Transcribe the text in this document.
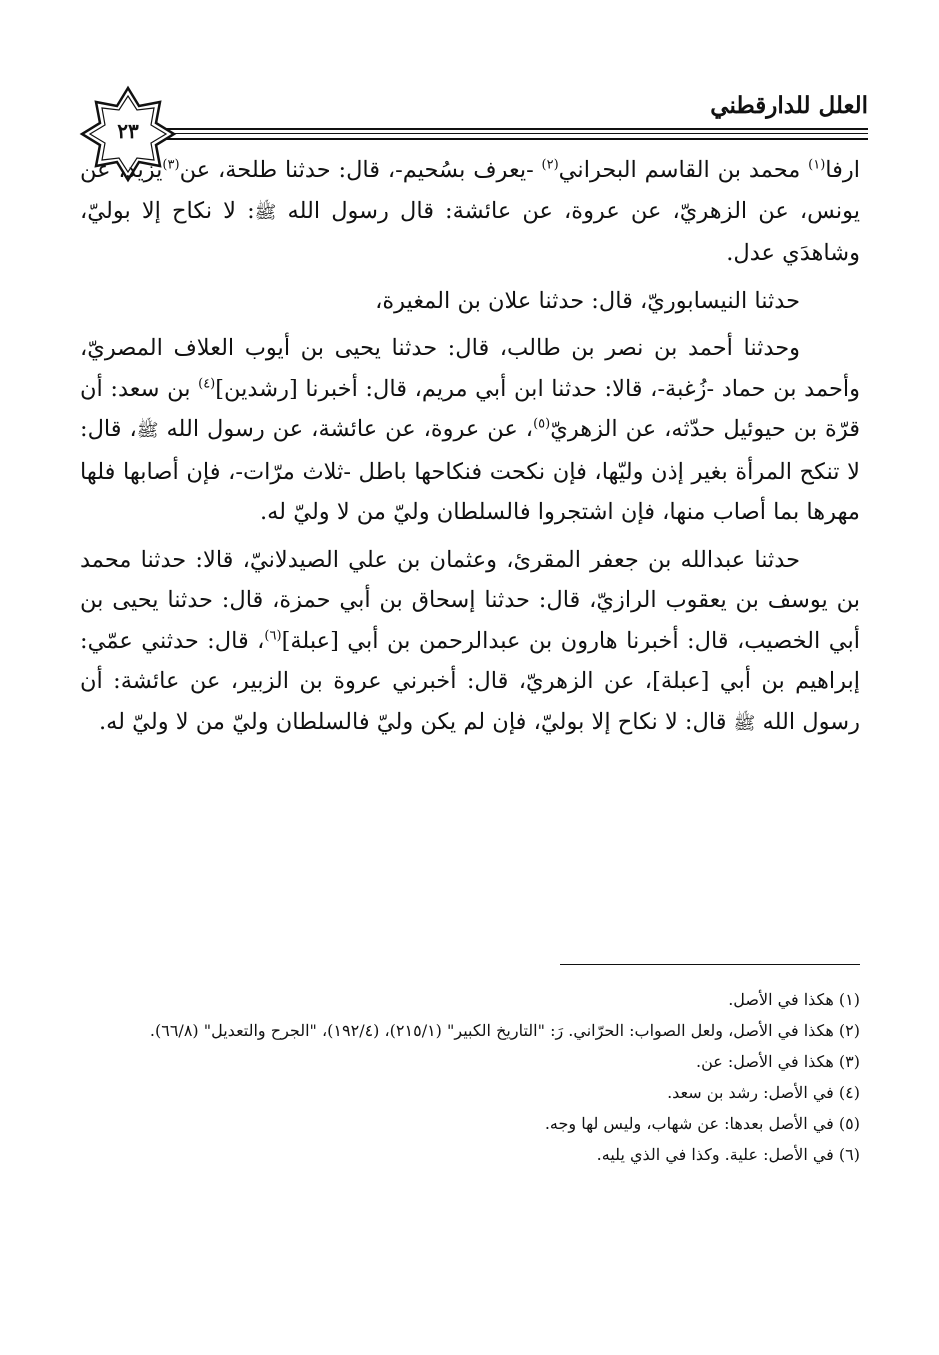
العلل للدارقطني
٢٣

ارفا$^{(١)}$ محمد بن القاسم البحراني$^{(٢)}$ -يعرف بسُحيم-، قال: حدثنا طلحة، عن$^{(٣)}$يزيد، عن يونس، عن الزهريّ، عن عروة، عن عائشة: قال رسول الله ﷺ: لا نكاح إلا بوليّ، وشاهدَي عدل.

حدثنا النيسابوريّ، قال: حدثنا علان بن المغيرة،

وحدثنا أحمد بن نصر بن طالب، قال: حدثنا يحيى بن أيوب العلاف المصريّ، وأحمد بن حماد -زُغبة-، قالا: حدثنا ابن أبي مريم، قال: أخبرنا [رشدين]$^{(٤)}$ بن سعد: أن قرّة بن حيوئيل حدّثه، عن الزهريّ$^{(٥)}$، عن عروة، عن عائشة، عن رسول الله ﷺ، قال: لا تنكح المرأة بغير إذن وليّها، فإن نكحت فنكاحها باطل -ثلاث مرّات-، فإن أصابها فلها مهرها بما أصاب منها، فإن اشتجروا فالسلطان وليّ من لا وليّ له.

حدثنا عبدالله بن جعفر المقرئ، وعثمان بن علي الصيدلانيّ، قالا: حدثنا محمد بن يوسف بن يعقوب الرازيّ، قال: حدثنا إسحاق بن أبي حمزة، قال: حدثنا يحيى بن أبي الخصيب، قال: أخبرنا هارون بن عبدالرحمن بن أبي [عبلة]$^{(٦)}$، قال: حدثني عمّي: إبراهيم بن أبي [عبلة]، عن الزهريّ، قال: أخبرني عروة بن الزبير، عن عائشة: أن رسول الله ﷺ قال: لا نكاح إلا بوليّ، فإن لم يكن وليّ فالسلطان وليّ من لا وليّ له.

(١) هكذا في الأصل.

(٢) هكذا في الأصل، ولعل الصواب: الحرّاني. رَ: "التاريخ الكبير" (٢١٥/١)، (١٩٢/٤)، "الجرح والتعديل" (٦٦/٨).

(٣) هكذا في الأصل: عن.

(٤) في الأصل: رشد بن سعد.

(٥) في الأصل بعدها: عن شهاب، وليس لها وجه.

(٦) في الأصل: علية. وكذا في الذي يليه.
